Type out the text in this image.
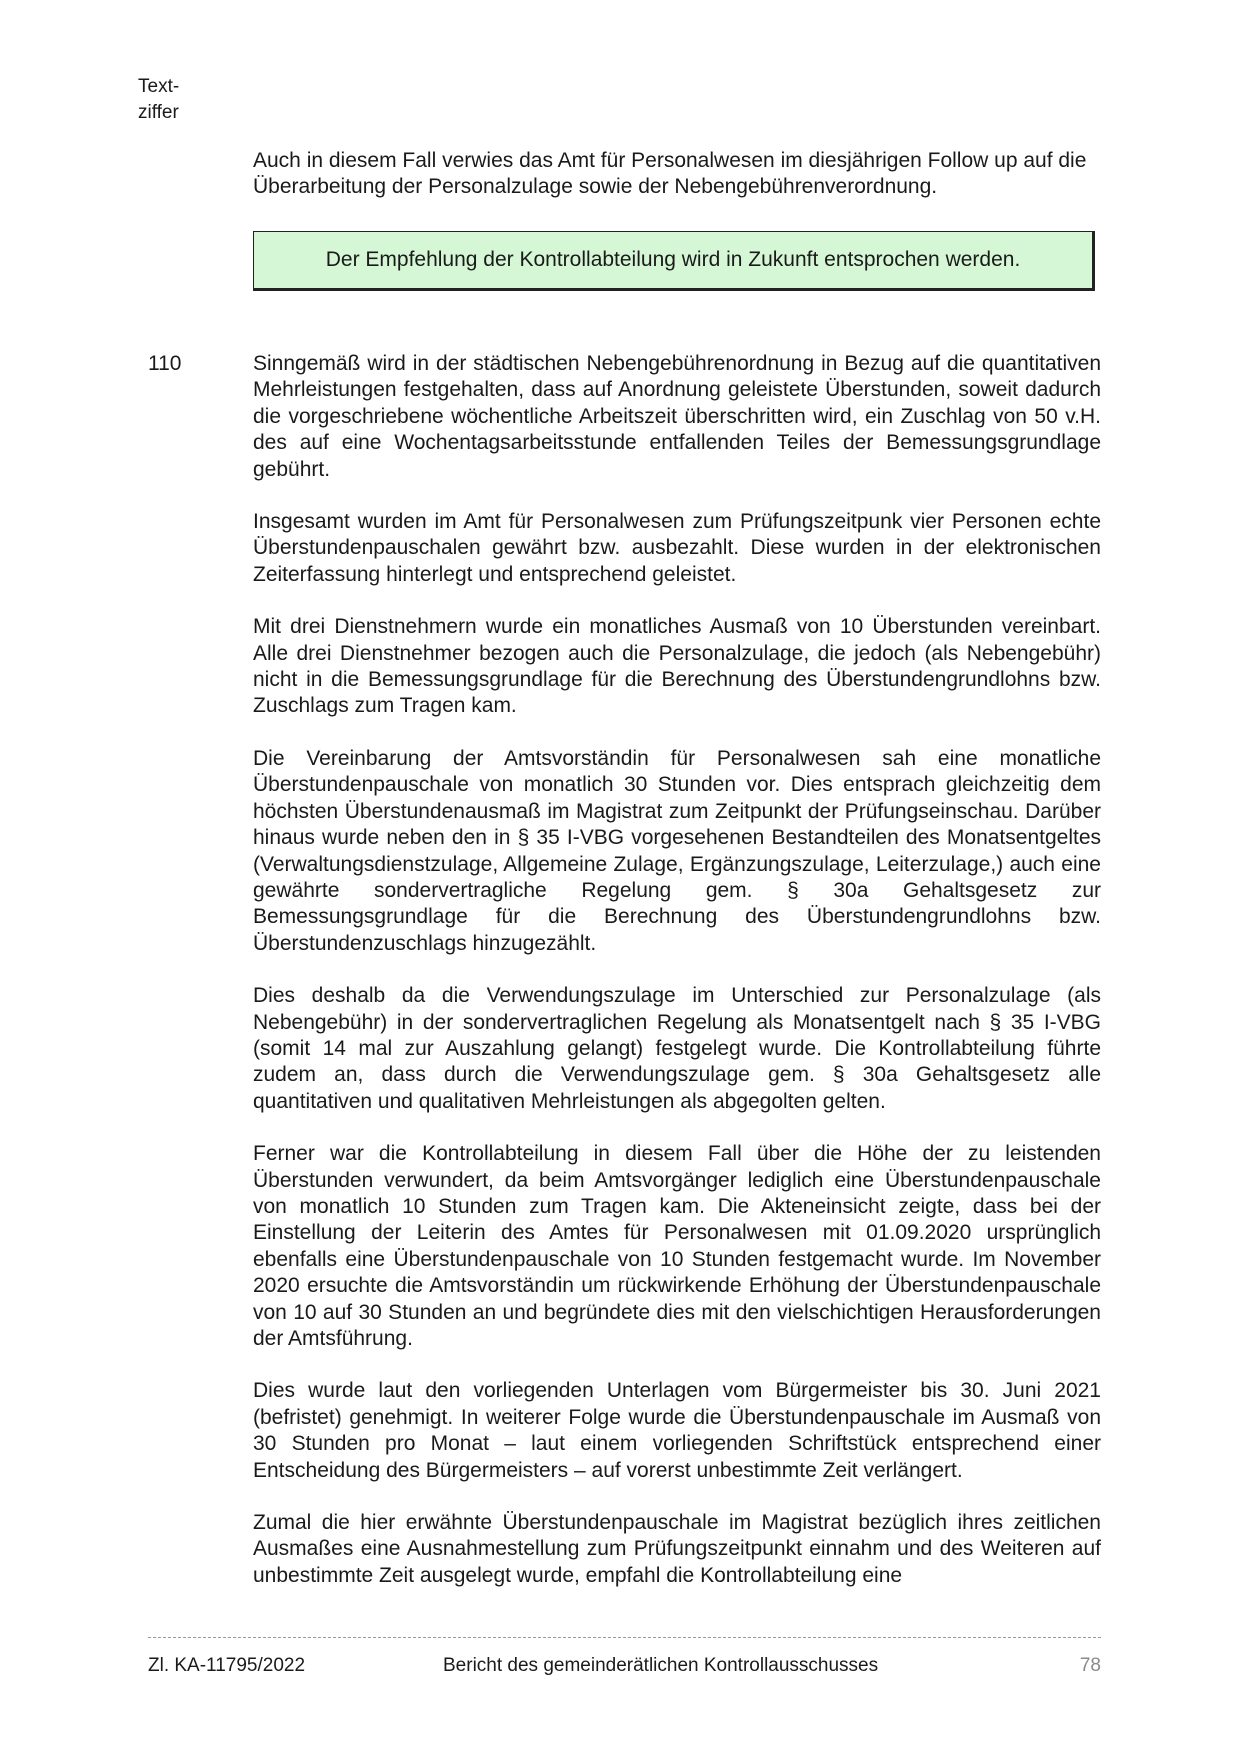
Text-
ziffer

Auch in diesem Fall verwies das Amt für Personalwesen im diesjährigen Follow up auf die Überarbeitung der Personalzulage sowie der Nebengebührenverordnung.

Der Empfehlung der Kontrollabteilung wird in Zukunft entsprochen werden.
110	Sinngemäß wird in der städtischen Nebengebührenordnung in Bezug auf die quantitativen Mehrleistungen festgehalten, dass auf Anordnung geleistete Überstunden, soweit dadurch die vorgeschriebene wöchentliche Arbeitszeit überschritten wird, ein Zuschlag von 50 v.H. des auf eine Wochentagsarbeitsstunde entfallenden Teiles der Bemessungsgrundlage gebührt.

Insgesamt wurden im Amt für Personalwesen zum Prüfungszeitpunk vier Personen echte Überstundenpauschalen gewährt bzw. ausbezahlt. Diese wurden in der elektronischen Zeiterfassung hinterlegt und entsprechend geleistet.

Mit drei Dienstnehmern wurde ein monatliches Ausmaß von 10 Überstunden vereinbart. Alle drei Dienstnehmer bezogen auch die Personalzulage, die jedoch (als Nebengebühr) nicht in die Bemessungsgrundlage für die Berechnung des Überstundengrundlohns bzw. Zuschlags zum Tragen kam.

Die Vereinbarung der Amtsvorständin für Personalwesen sah eine monatliche Überstundenpauschale von monatlich 30 Stunden vor. Dies entsprach gleichzeitig dem höchsten Überstundenausmaß im Magistrat zum Zeitpunkt der Prüfungseinschau. Darüber hinaus wurde neben den in § 35 I-VBG vorgesehenen Bestandteilen des Monatsentgeltes (Verwaltungsdienstzulage, Allgemeine Zulage, Ergänzungszulage, Leiterzulage,) auch eine gewährte sondervertragliche Regelung gem. § 30a Gehaltsgesetz zur Bemessungsgrundlage für die Berechnung des Überstundengrundlohns bzw. Überstundenzuschlags hinzugezählt.

Dies deshalb da die Verwendungszulage im Unterschied zur Personalzulage (als Nebengebühr) in der sondervertraglichen Regelung als Monatsentgelt nach § 35 I-VBG (somit 14 mal zur Auszahlung gelangt) festgelegt wurde. Die Kontrollabteilung führte zudem an, dass durch die Verwendungszulage gem. § 30a Gehaltsgesetz alle quantitativen und qualitativen Mehrleistungen als abgegolten gelten.

Ferner war die Kontrollabteilung in diesem Fall über die Höhe der zu leistenden Überstunden verwundert, da beim Amtsvorgänger lediglich eine Überstundenpauschale von monatlich 10 Stunden zum Tragen kam. Die Akteneinsicht zeigte, dass bei der Einstellung der Leiterin des Amtes für Personalwesen mit 01.09.2020 ursprünglich ebenfalls eine Überstundenpauschale von 10 Stunden festgemacht wurde. Im November 2020 ersuchte die Amtsvorständin um rückwirkende Erhöhung der Überstundenpauschale von 10 auf 30 Stunden an und begründete dies mit den vielschichtigen Herausforderungen der Amtsführung.

Dies wurde laut den vorliegenden Unterlagen vom Bürgermeister bis 30. Juni 2021 (befristet) genehmigt. In weiterer Folge wurde die Überstundenpauschale im Ausmaß von 30 Stunden pro Monat – laut einem vorliegenden Schriftstück entsprechend einer Entscheidung des Bürgermeisters – auf vorerst unbestimmte Zeit verlängert.

Zumal die hier erwähnte Überstundenpauschale im Magistrat bezüglich ihres zeitlichen Ausmaßes eine Ausnahmestellung zum Prüfungszeitpunkt einnahm und des Weiteren auf unbestimmte Zeit ausgelegt wurde, empfahl die Kontrollabteilung eine

Zl. KA-11795/2022	Bericht des gemeinderätlichen Kontrollausschusses	78
